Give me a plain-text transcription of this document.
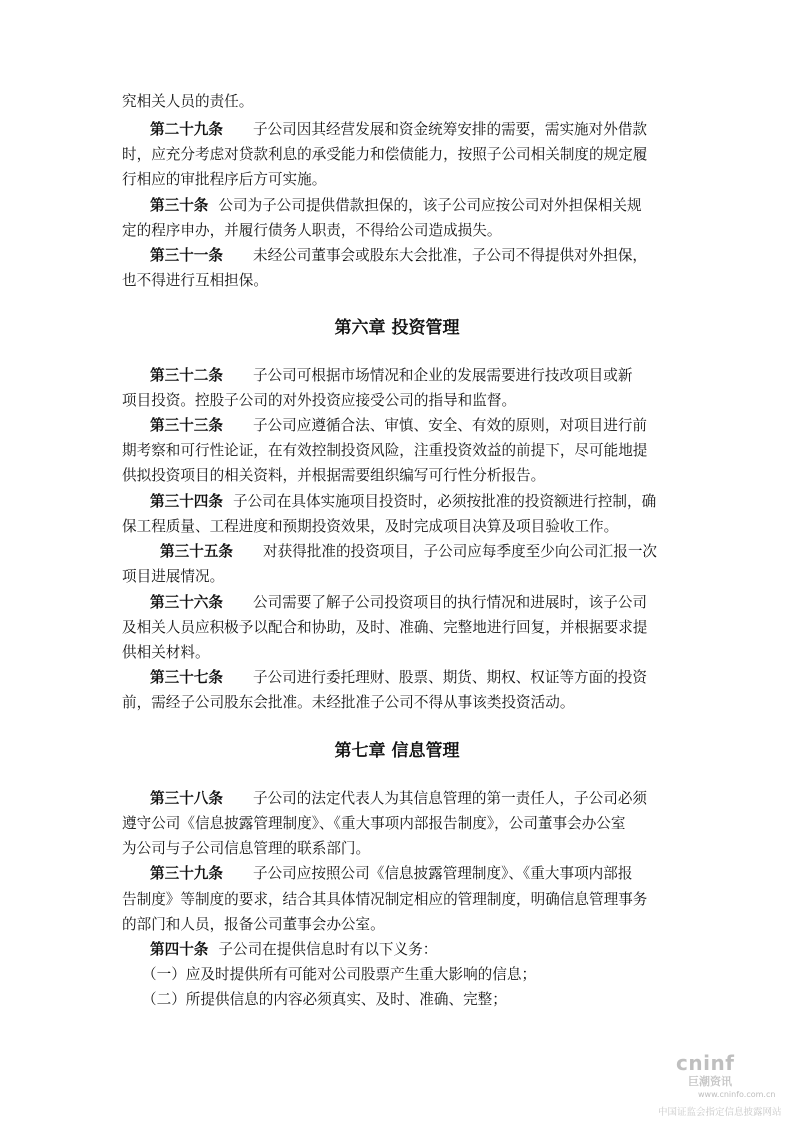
究相关人员的责任。
第二十九条 子公司因其经营发展和资金统筹安排的需要，需实施对外借款
时，应充分考虑对贷款利息的承受能力和偿债能力，按照子公司相关制度的规定履
行相应的审批程序后方可实施。
第三十条 公司为子公司提供借款担保的，该子公司应按公司对外担保相关规
定的程序申办，并履行债务人职责，不得给公司造成损失。
第三十一条 未经公司董事会或股东大会批准，子公司不得提供对外担保，
也不得进行互相担保。
第六章 投资管理
第三十二条 子公司可根据市场情况和企业的发展需要进行技改项目或新
项目投资。控股子公司的对外投资应接受公司的指导和监督。
第三十三条 子公司应遵循合法、审慎、安全、有效的原则，对项目进行前
期考察和可行性论证，在有效控制投资风险，注重投资效益的前提下，尽可能地提
供拟投资项目的相关资料，并根据需要组织编写可行性分析报告。
第三十四条 子公司在具体实施项目投资时，必须按批准的投资额进行控制，确
保工程质量、工程进度和预期投资效果，及时完成项目决算及项目验收工作。
第三十五条 对获得批准的投资项目，子公司应每季度至少向公司汇报一次
项目进展情况。
第三十六条 公司需要了解子公司投资项目的执行情况和进展时，该子公司
及相关人员应积极予以配合和协助，及时、准确、完整地进行回复，并根据要求提
供相关材料。
第三十七条 子公司进行委托理财、股票、期货、期权、权证等方面的投资
前，需经子公司股东会批准。未经批准子公司不得从事该类投资活动。
第七章 信息管理
第三十八条 子公司的法定代表人为其信息管理的第一责任人，子公司必须
遵守公司《信息披露管理制度》、《重大事项内部报告制度》，公司董事会办公室
为公司与子公司信息管理的联系部门。
第三十九条 子公司应按照公司《信息披露管理制度》、《重大事项内部报
告制度》等制度的要求，结合其具体情况制定相应的管理制度，明确信息管理事务
的部门和人员，报备公司董事会办公室。
第四十条 子公司在提供信息时有以下义务：
（一）应及时提供所有可能对公司股票产生重大影响的信息；
（二）所提供信息的内容必须真实、及时、准确、完整；
cninf
巨潮资讯
www.cninfo.com.cn
中国证监会指定信息披露网站
